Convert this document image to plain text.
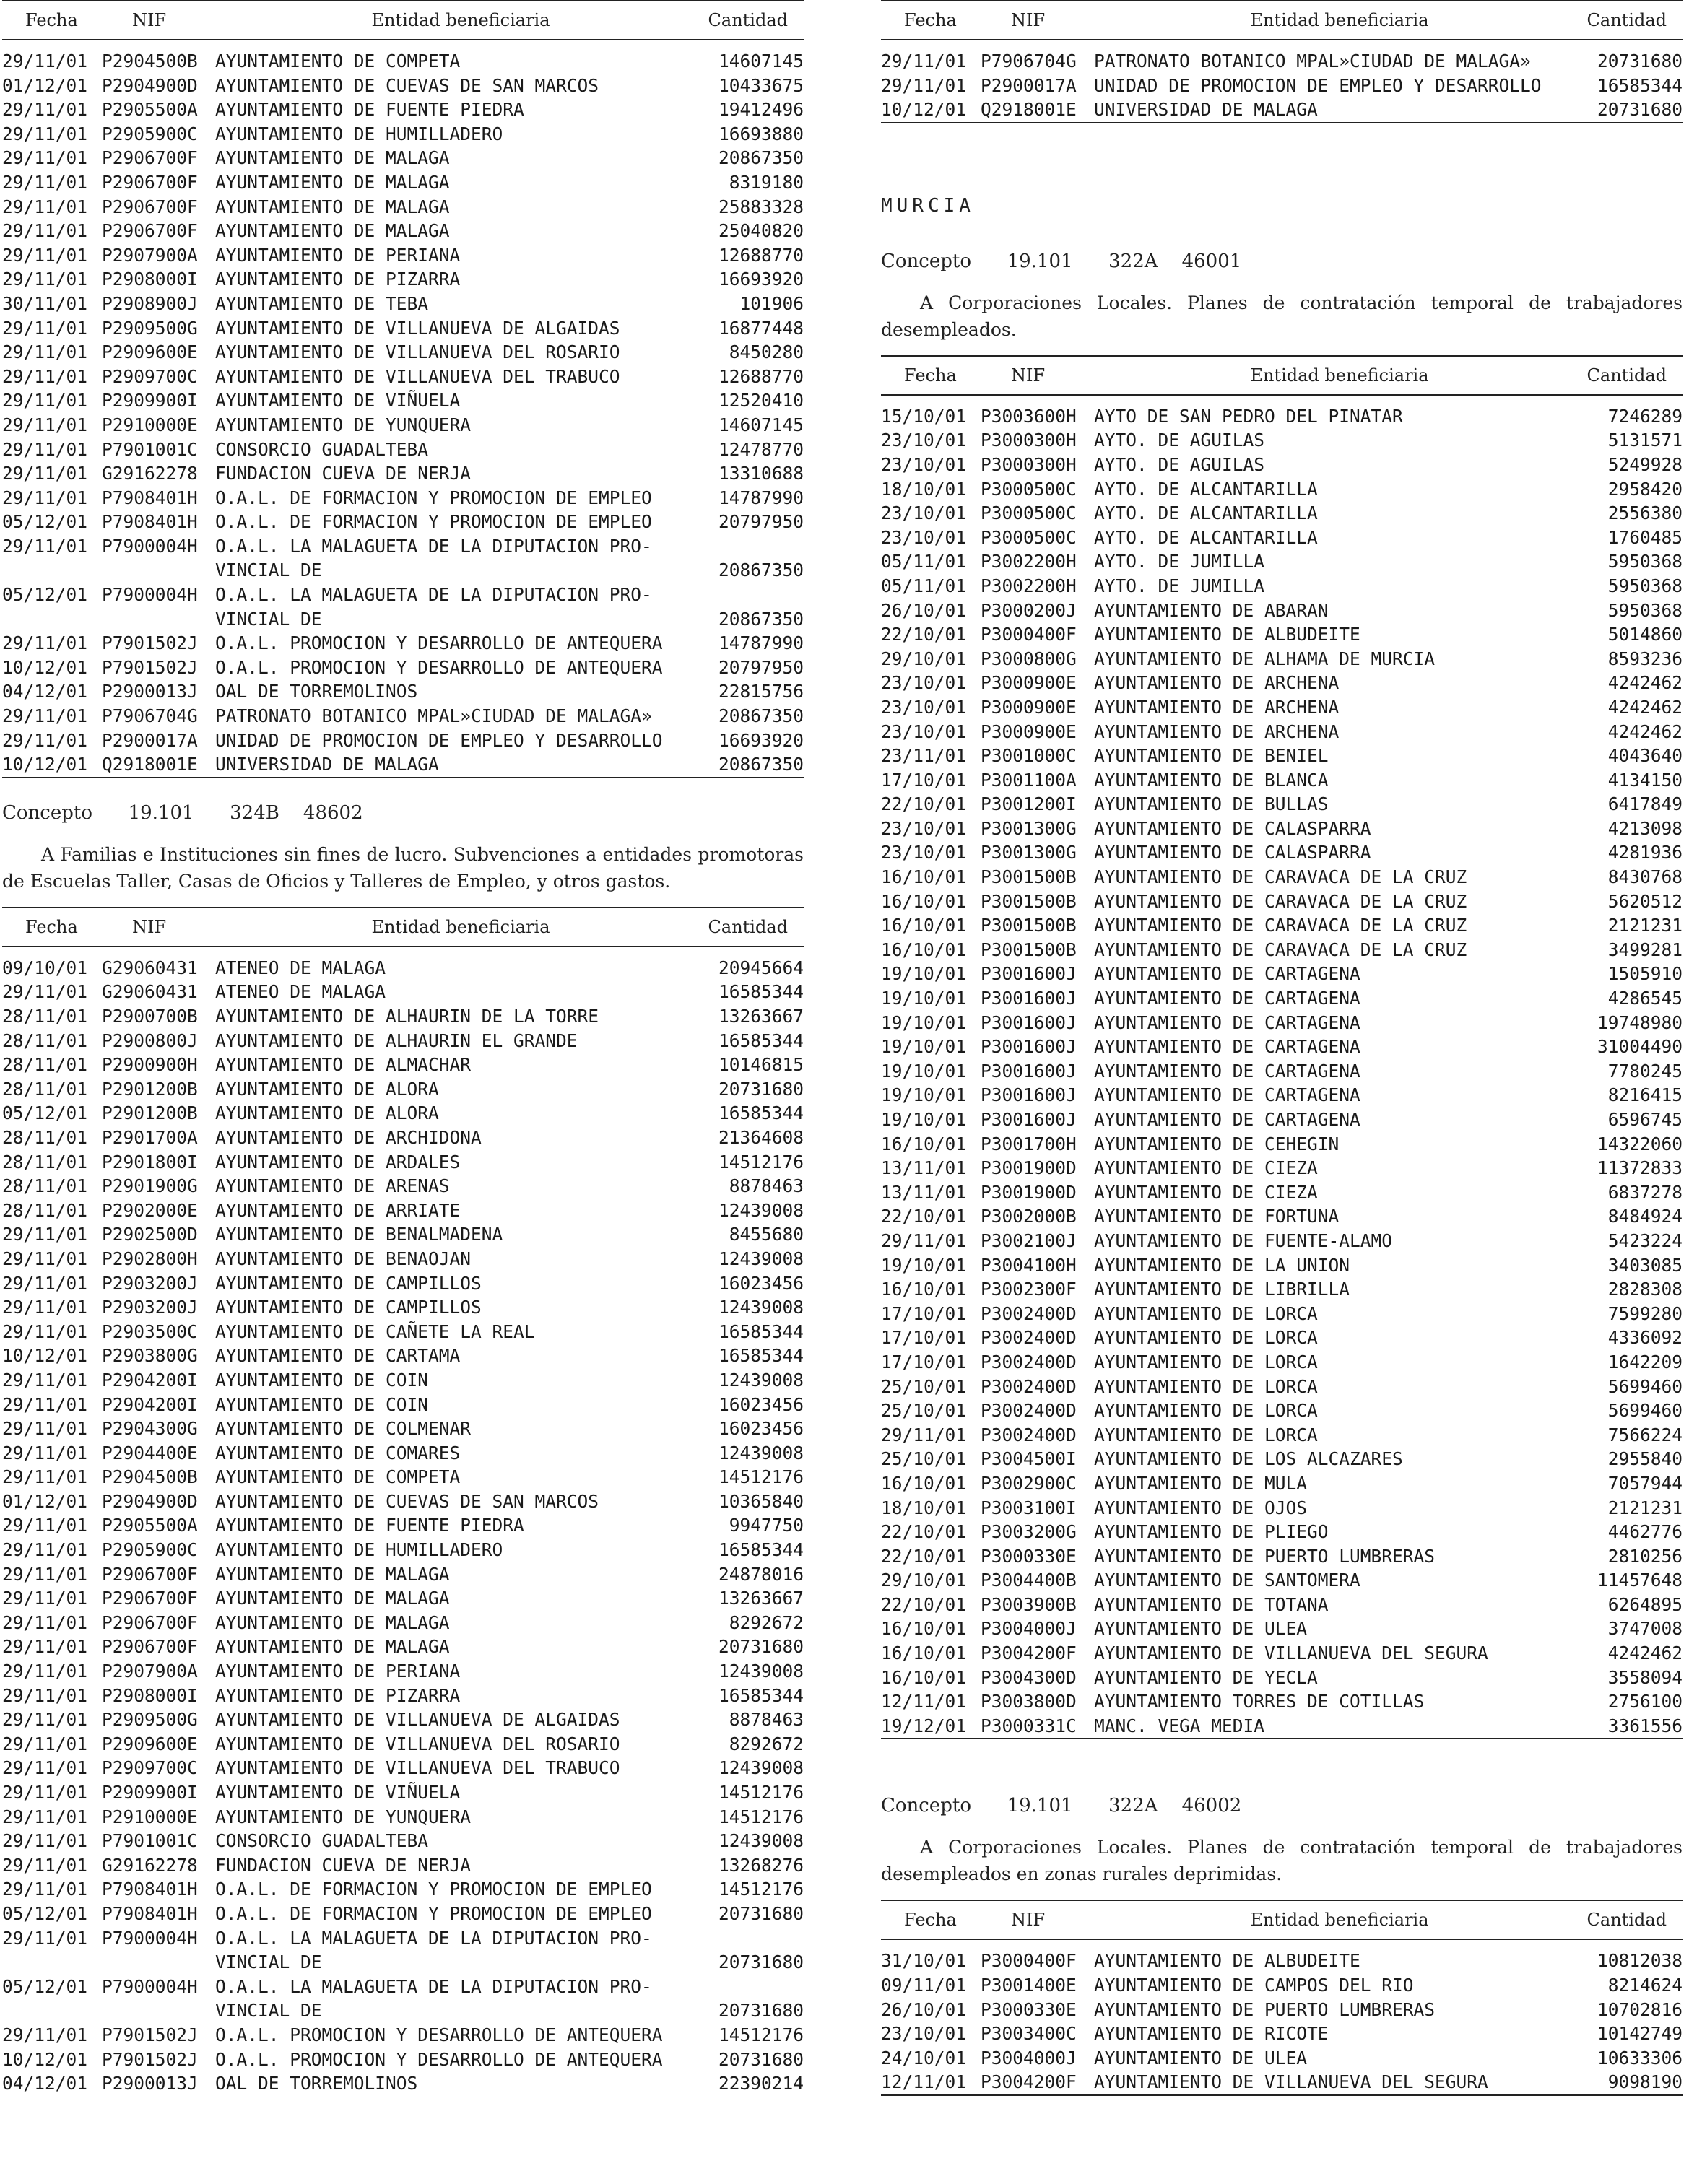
Fecha	NIF	Entidad beneficiaria	Cantidad
29/11/01	P2904500B	AYUNTAMIENTO DE COMPETA	14607145
01/12/01	P2904900D	AYUNTAMIENTO DE CUEVAS DE SAN MARCOS	10433675
29/11/01	P2905500A	AYUNTAMIENTO DE FUENTE PIEDRA	19412496
29/11/01	P2905900C	AYUNTAMIENTO DE HUMILLADERO	16693880
29/11/01	P2906700F	AYUNTAMIENTO DE MALAGA	20867350
29/11/01	P2906700F	AYUNTAMIENTO DE MALAGA	8319180
29/11/01	P2906700F	AYUNTAMIENTO DE MALAGA	25883328
29/11/01	P2906700F	AYUNTAMIENTO DE MALAGA	25040820
29/11/01	P2907900A	AYUNTAMIENTO DE PERIANA	12688770
29/11/01	P2908000I	AYUNTAMIENTO DE PIZARRA	16693920
30/11/01	P2908900J	AYUNTAMIENTO DE TEBA	101906
29/11/01	P2909500G	AYUNTAMIENTO DE VILLANUEVA DE ALGAIDAS	16877448
29/11/01	P2909600E	AYUNTAMIENTO DE VILLANUEVA DEL ROSARIO	8450280
29/11/01	P2909700C	AYUNTAMIENTO DE VILLANUEVA DEL TRABUCO	12688770
29/11/01	P2909900I	AYUNTAMIENTO DE VIÑUELA	12520410
29/11/01	P2910000E	AYUNTAMIENTO DE YUNQUERA	14607145
29/11/01	P7901001C	CONSORCIO GUADALTEBA	12478770
29/11/01	G29162278	FUNDACION CUEVA DE NERJA	13310688
29/11/01	P7908401H	O.A.L. DE FORMACION Y PROMOCION DE EMPLEO	14787990
05/12/01	P7908401H	O.A.L. DE FORMACION Y PROMOCION DE EMPLEO	20797950
29/11/01	P7900004H	O.A.L. LA MALAGUETA DE LA DIPUTACION PRO-
VINCIAL DE	20867350
05/12/01	P7900004H	O.A.L. LA MALAGUETA DE LA DIPUTACION PRO-
VINCIAL DE	20867350
29/11/01	P7901502J	O.A.L. PROMOCION Y DESARROLLO DE ANTEQUERA	14787990
10/12/01	P7901502J	O.A.L. PROMOCION Y DESARROLLO DE ANTEQUERA	20797950
04/12/01	P2900013J	OAL DE TORREMOLINOS	22815756
29/11/01	P7906704G	PATRONATO BOTANICO MPAL»CIUDAD DE MALAGA»	20867350
29/11/01	P2900017A	UNIDAD DE PROMOCION DE EMPLEO Y DESARROLLO	16693920
10/12/01	Q2918001E	UNIVERSIDAD DE MALAGA	20867350
Concepto      19.101      324B    48602
A Familias e Instituciones sin fines de lucro. Subvenciones a entidades promotoras de Escuelas Taller, Casas de Oficios y Talleres de Empleo, y otros gastos.
Fecha	NIF	Entidad beneficiaria	Cantidad
09/10/01	G29060431	ATENEO DE MALAGA	20945664
29/11/01	G29060431	ATENEO DE MALAGA	16585344
28/11/01	P2900700B	AYUNTAMIENTO DE ALHAURIN DE LA TORRE	13263667
28/11/01	P2900800J	AYUNTAMIENTO DE ALHAURIN EL GRANDE	16585344
28/11/01	P2900900H	AYUNTAMIENTO DE ALMACHAR	10146815
28/11/01	P2901200B	AYUNTAMIENTO DE ALORA	20731680
05/12/01	P2901200B	AYUNTAMIENTO DE ALORA	16585344
28/11/01	P2901700A	AYUNTAMIENTO DE ARCHIDONA	21364608
28/11/01	P2901800I	AYUNTAMIENTO DE ARDALES	14512176
28/11/01	P2901900G	AYUNTAMIENTO DE ARENAS	8878463
28/11/01	P2902000E	AYUNTAMIENTO DE ARRIATE	12439008
29/11/01	P2902500D	AYUNTAMIENTO DE BENALMADENA	8455680
29/11/01	P2902800H	AYUNTAMIENTO DE BENAOJAN	12439008
29/11/01	P2903200J	AYUNTAMIENTO DE CAMPILLOS	16023456
29/11/01	P2903200J	AYUNTAMIENTO DE CAMPILLOS	12439008
29/11/01	P2903500C	AYUNTAMIENTO DE CAÑETE LA REAL	16585344
10/12/01	P2903800G	AYUNTAMIENTO DE CARTAMA	16585344
29/11/01	P2904200I	AYUNTAMIENTO DE COIN	12439008
29/11/01	P2904200I	AYUNTAMIENTO DE COIN	16023456
29/11/01	P2904300G	AYUNTAMIENTO DE COLMENAR	16023456
29/11/01	P2904400E	AYUNTAMIENTO DE COMARES	12439008
29/11/01	P2904500B	AYUNTAMIENTO DE COMPETA	14512176
01/12/01	P2904900D	AYUNTAMIENTO DE CUEVAS DE SAN MARCOS	10365840
29/11/01	P2905500A	AYUNTAMIENTO DE FUENTE PIEDRA	9947750
29/11/01	P2905900C	AYUNTAMIENTO DE HUMILLADERO	16585344
29/11/01	P2906700F	AYUNTAMIENTO DE MALAGA	24878016
29/11/01	P2906700F	AYUNTAMIENTO DE MALAGA	13263667
29/11/01	P2906700F	AYUNTAMIENTO DE MALAGA	8292672
29/11/01	P2906700F	AYUNTAMIENTO DE MALAGA	20731680
29/11/01	P2907900A	AYUNTAMIENTO DE PERIANA	12439008
29/11/01	P2908000I	AYUNTAMIENTO DE PIZARRA	16585344
29/11/01	P2909500G	AYUNTAMIENTO DE VILLANUEVA DE ALGAIDAS	8878463
29/11/01	P2909600E	AYUNTAMIENTO DE VILLANUEVA DEL ROSARIO	8292672
29/11/01	P2909700C	AYUNTAMIENTO DE VILLANUEVA DEL TRABUCO	12439008
29/11/01	P2909900I	AYUNTAMIENTO DE VIÑUELA	14512176
29/11/01	P2910000E	AYUNTAMIENTO DE YUNQUERA	14512176
29/11/01	P7901001C	CONSORCIO GUADALTEBA	12439008
29/11/01	G29162278	FUNDACION CUEVA DE NERJA	13268276
29/11/01	P7908401H	O.A.L. DE FORMACION Y PROMOCION DE EMPLEO	14512176
05/12/01	P7908401H	O.A.L. DE FORMACION Y PROMOCION DE EMPLEO	20731680
29/11/01	P7900004H	O.A.L. LA MALAGUETA DE LA DIPUTACION PRO-
VINCIAL DE	20731680
05/12/01	P7900004H	O.A.L. LA MALAGUETA DE LA DIPUTACION PRO-
VINCIAL DE	20731680
29/11/01	P7901502J	O.A.L. PROMOCION Y DESARROLLO DE ANTEQUERA	14512176
10/12/01	P7901502J	O.A.L. PROMOCION Y DESARROLLO DE ANTEQUERA	20731680
04/12/01	P2900013J	OAL DE TORREMOLINOS	22390214
Fecha	NIF	Entidad beneficiaria	Cantidad
29/11/01	P7906704G	PATRONATO BOTANICO MPAL»CIUDAD DE MALAGA»	20731680
29/11/01	P2900017A	UNIDAD DE PROMOCION DE EMPLEO Y DESARROLLO	16585344
10/12/01	Q2918001E	UNIVERSIDAD DE MALAGA	20731680
MURCIA
Concepto      19.101      322A    46001
A Corporaciones Locales. Planes de contratación temporal de trabajadores desempleados.
Fecha	NIF	Entidad beneficiaria	Cantidad
15/10/01	P3003600H	AYTO DE SAN PEDRO DEL PINATAR	7246289
23/10/01	P3000300H	AYTO. DE AGUILAS	5131571
23/10/01	P3000300H	AYTO. DE AGUILAS	5249928
18/10/01	P3000500C	AYTO. DE ALCANTARILLA	2958420
23/10/01	P3000500C	AYTO. DE ALCANTARILLA	2556380
23/10/01	P3000500C	AYTO. DE ALCANTARILLA	1760485
05/11/01	P3002200H	AYTO. DE JUMILLA	5950368
05/11/01	P3002200H	AYTO. DE JUMILLA	5950368
26/10/01	P3000200J	AYUNTAMIENTO DE ABARAN	5950368
22/10/01	P3000400F	AYUNTAMIENTO DE ALBUDEITE	5014860
29/10/01	P3000800G	AYUNTAMIENTO DE ALHAMA DE MURCIA	8593236
23/10/01	P3000900E	AYUNTAMIENTO DE ARCHENA	4242462
23/10/01	P3000900E	AYUNTAMIENTO DE ARCHENA	4242462
23/10/01	P3000900E	AYUNTAMIENTO DE ARCHENA	4242462
23/11/01	P3001000C	AYUNTAMIENTO DE BENIEL	4043640
17/10/01	P3001100A	AYUNTAMIENTO DE BLANCA	4134150
22/10/01	P3001200I	AYUNTAMIENTO DE BULLAS	6417849
23/10/01	P3001300G	AYUNTAMIENTO DE CALASPARRA	4213098
23/10/01	P3001300G	AYUNTAMIENTO DE CALASPARRA	4281936
16/10/01	P3001500B	AYUNTAMIENTO DE CARAVACA DE LA CRUZ	8430768
16/10/01	P3001500B	AYUNTAMIENTO DE CARAVACA DE LA CRUZ	5620512
16/10/01	P3001500B	AYUNTAMIENTO DE CARAVACA DE LA CRUZ	2121231
16/10/01	P3001500B	AYUNTAMIENTO DE CARAVACA DE LA CRUZ	3499281
19/10/01	P3001600J	AYUNTAMIENTO DE CARTAGENA	1505910
19/10/01	P3001600J	AYUNTAMIENTO DE CARTAGENA	4286545
19/10/01	P3001600J	AYUNTAMIENTO DE CARTAGENA	19748980
19/10/01	P3001600J	AYUNTAMIENTO DE CARTAGENA	31004490
19/10/01	P3001600J	AYUNTAMIENTO DE CARTAGENA	7780245
19/10/01	P3001600J	AYUNTAMIENTO DE CARTAGENA	8216415
19/10/01	P3001600J	AYUNTAMIENTO DE CARTAGENA	6596745
16/10/01	P3001700H	AYUNTAMIENTO DE CEHEGIN	14322060
13/11/01	P3001900D	AYUNTAMIENTO DE CIEZA	11372833
13/11/01	P3001900D	AYUNTAMIENTO DE CIEZA	6837278
22/10/01	P3002000B	AYUNTAMIENTO DE FORTUNA	8484924
29/11/01	P3002100J	AYUNTAMIENTO DE FUENTE-ALAMO	5423224
19/10/01	P3004100H	AYUNTAMIENTO DE LA UNION	3403085
16/10/01	P3002300F	AYUNTAMIENTO DE LIBRILLA	2828308
17/10/01	P3002400D	AYUNTAMIENTO DE LORCA	7599280
17/10/01	P3002400D	AYUNTAMIENTO DE LORCA	4336092
17/10/01	P3002400D	AYUNTAMIENTO DE LORCA	1642209
25/10/01	P3002400D	AYUNTAMIENTO DE LORCA	5699460
25/10/01	P3002400D	AYUNTAMIENTO DE LORCA	5699460
29/11/01	P3002400D	AYUNTAMIENTO DE LORCA	7566224
25/10/01	P3004500I	AYUNTAMIENTO DE LOS ALCAZARES	2955840
16/10/01	P3002900C	AYUNTAMIENTO DE MULA	7057944
18/10/01	P3003100I	AYUNTAMIENTO DE OJOS	2121231
22/10/01	P3003200G	AYUNTAMIENTO DE PLIEGO	4462776
22/10/01	P3000330E	AYUNTAMIENTO DE PUERTO LUMBRERAS	2810256
29/10/01	P3004400B	AYUNTAMIENTO DE SANTOMERA	11457648
22/10/01	P3003900B	AYUNTAMIENTO DE TOTANA	6264895
16/10/01	P3004000J	AYUNTAMIENTO DE ULEA	3747008
16/10/01	P3004200F	AYUNTAMIENTO DE VILLANUEVA DEL SEGURA	4242462
16/10/01	P3004300D	AYUNTAMIENTO DE YECLA	3558094
12/11/01	P3003800D	AYUNTAMIENTO TORRES DE COTILLAS	2756100
19/12/01	P3000331C	MANC. VEGA MEDIA	3361556
Concepto      19.101      322A    46002
A Corporaciones Locales. Planes de contratación temporal de trabajadores desempleados en zonas rurales deprimidas.
Fecha	NIF	Entidad beneficiaria	Cantidad
31/10/01	P3000400F	AYUNTAMIENTO DE ALBUDEITE	10812038
09/11/01	P3001400E	AYUNTAMIENTO DE CAMPOS DEL RIO	8214624
26/10/01	P3000330E	AYUNTAMIENTO DE PUERTO LUMBRERAS	10702816
23/10/01	P3003400C	AYUNTAMIENTO DE RICOTE	10142749
24/10/01	P3004000J	AYUNTAMIENTO DE ULEA	10633306
12/11/01	P3004200F	AYUNTAMIENTO DE VILLANUEVA DEL SEGURA	9098190
